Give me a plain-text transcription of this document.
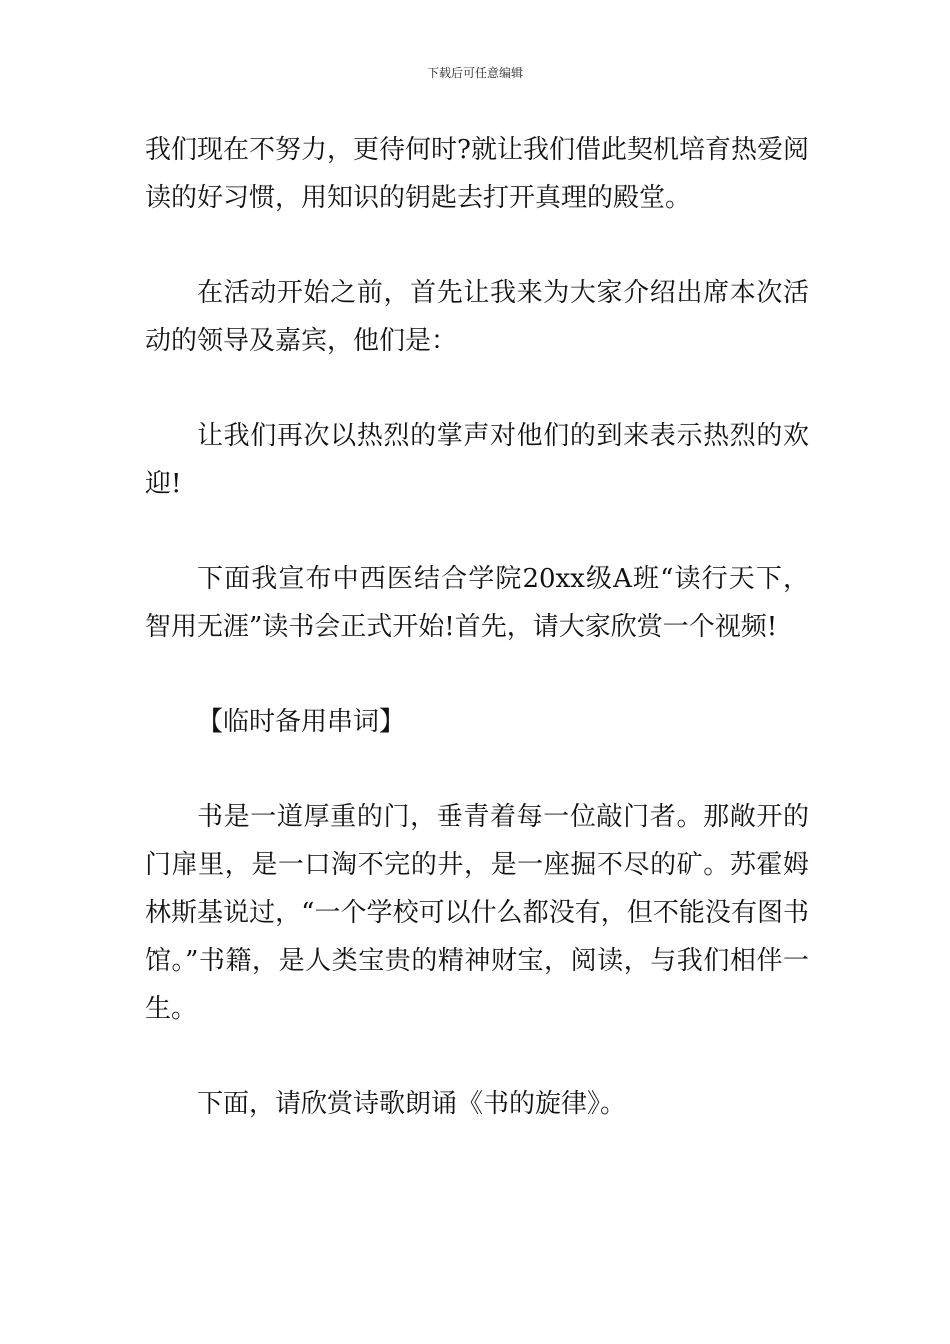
下载后可任意编辑

我们现在不努力，更待何时?就让我们借此契机培育热爱阅读的好习惯，用知识的钥匙去打开真理的殿堂。

在活动开始之前，首先让我来为大家介绍出席本次活动的领导及嘉宾，他们是：

让我们再次以热烈的掌声对他们的到来表示热烈的欢迎!

下面我宣布中西医结合学院20xx级A班“读行天下，智用无涯”读书会正式开始!首先，请大家欣赏一个视频!

【临时备用串词】

书是一道厚重的门，垂青着每一位敲门者。那敞开的门扉里，是一口淘不完的井，是一座掘不尽的矿。苏霍姆林斯基说过，“一个学校可以什么都没有，但不能没有图书馆。”书籍，是人类宝贵的精神财宝，阅读，与我们相伴一生。

下面，请欣赏诗歌朗诵《书的旋律》。
